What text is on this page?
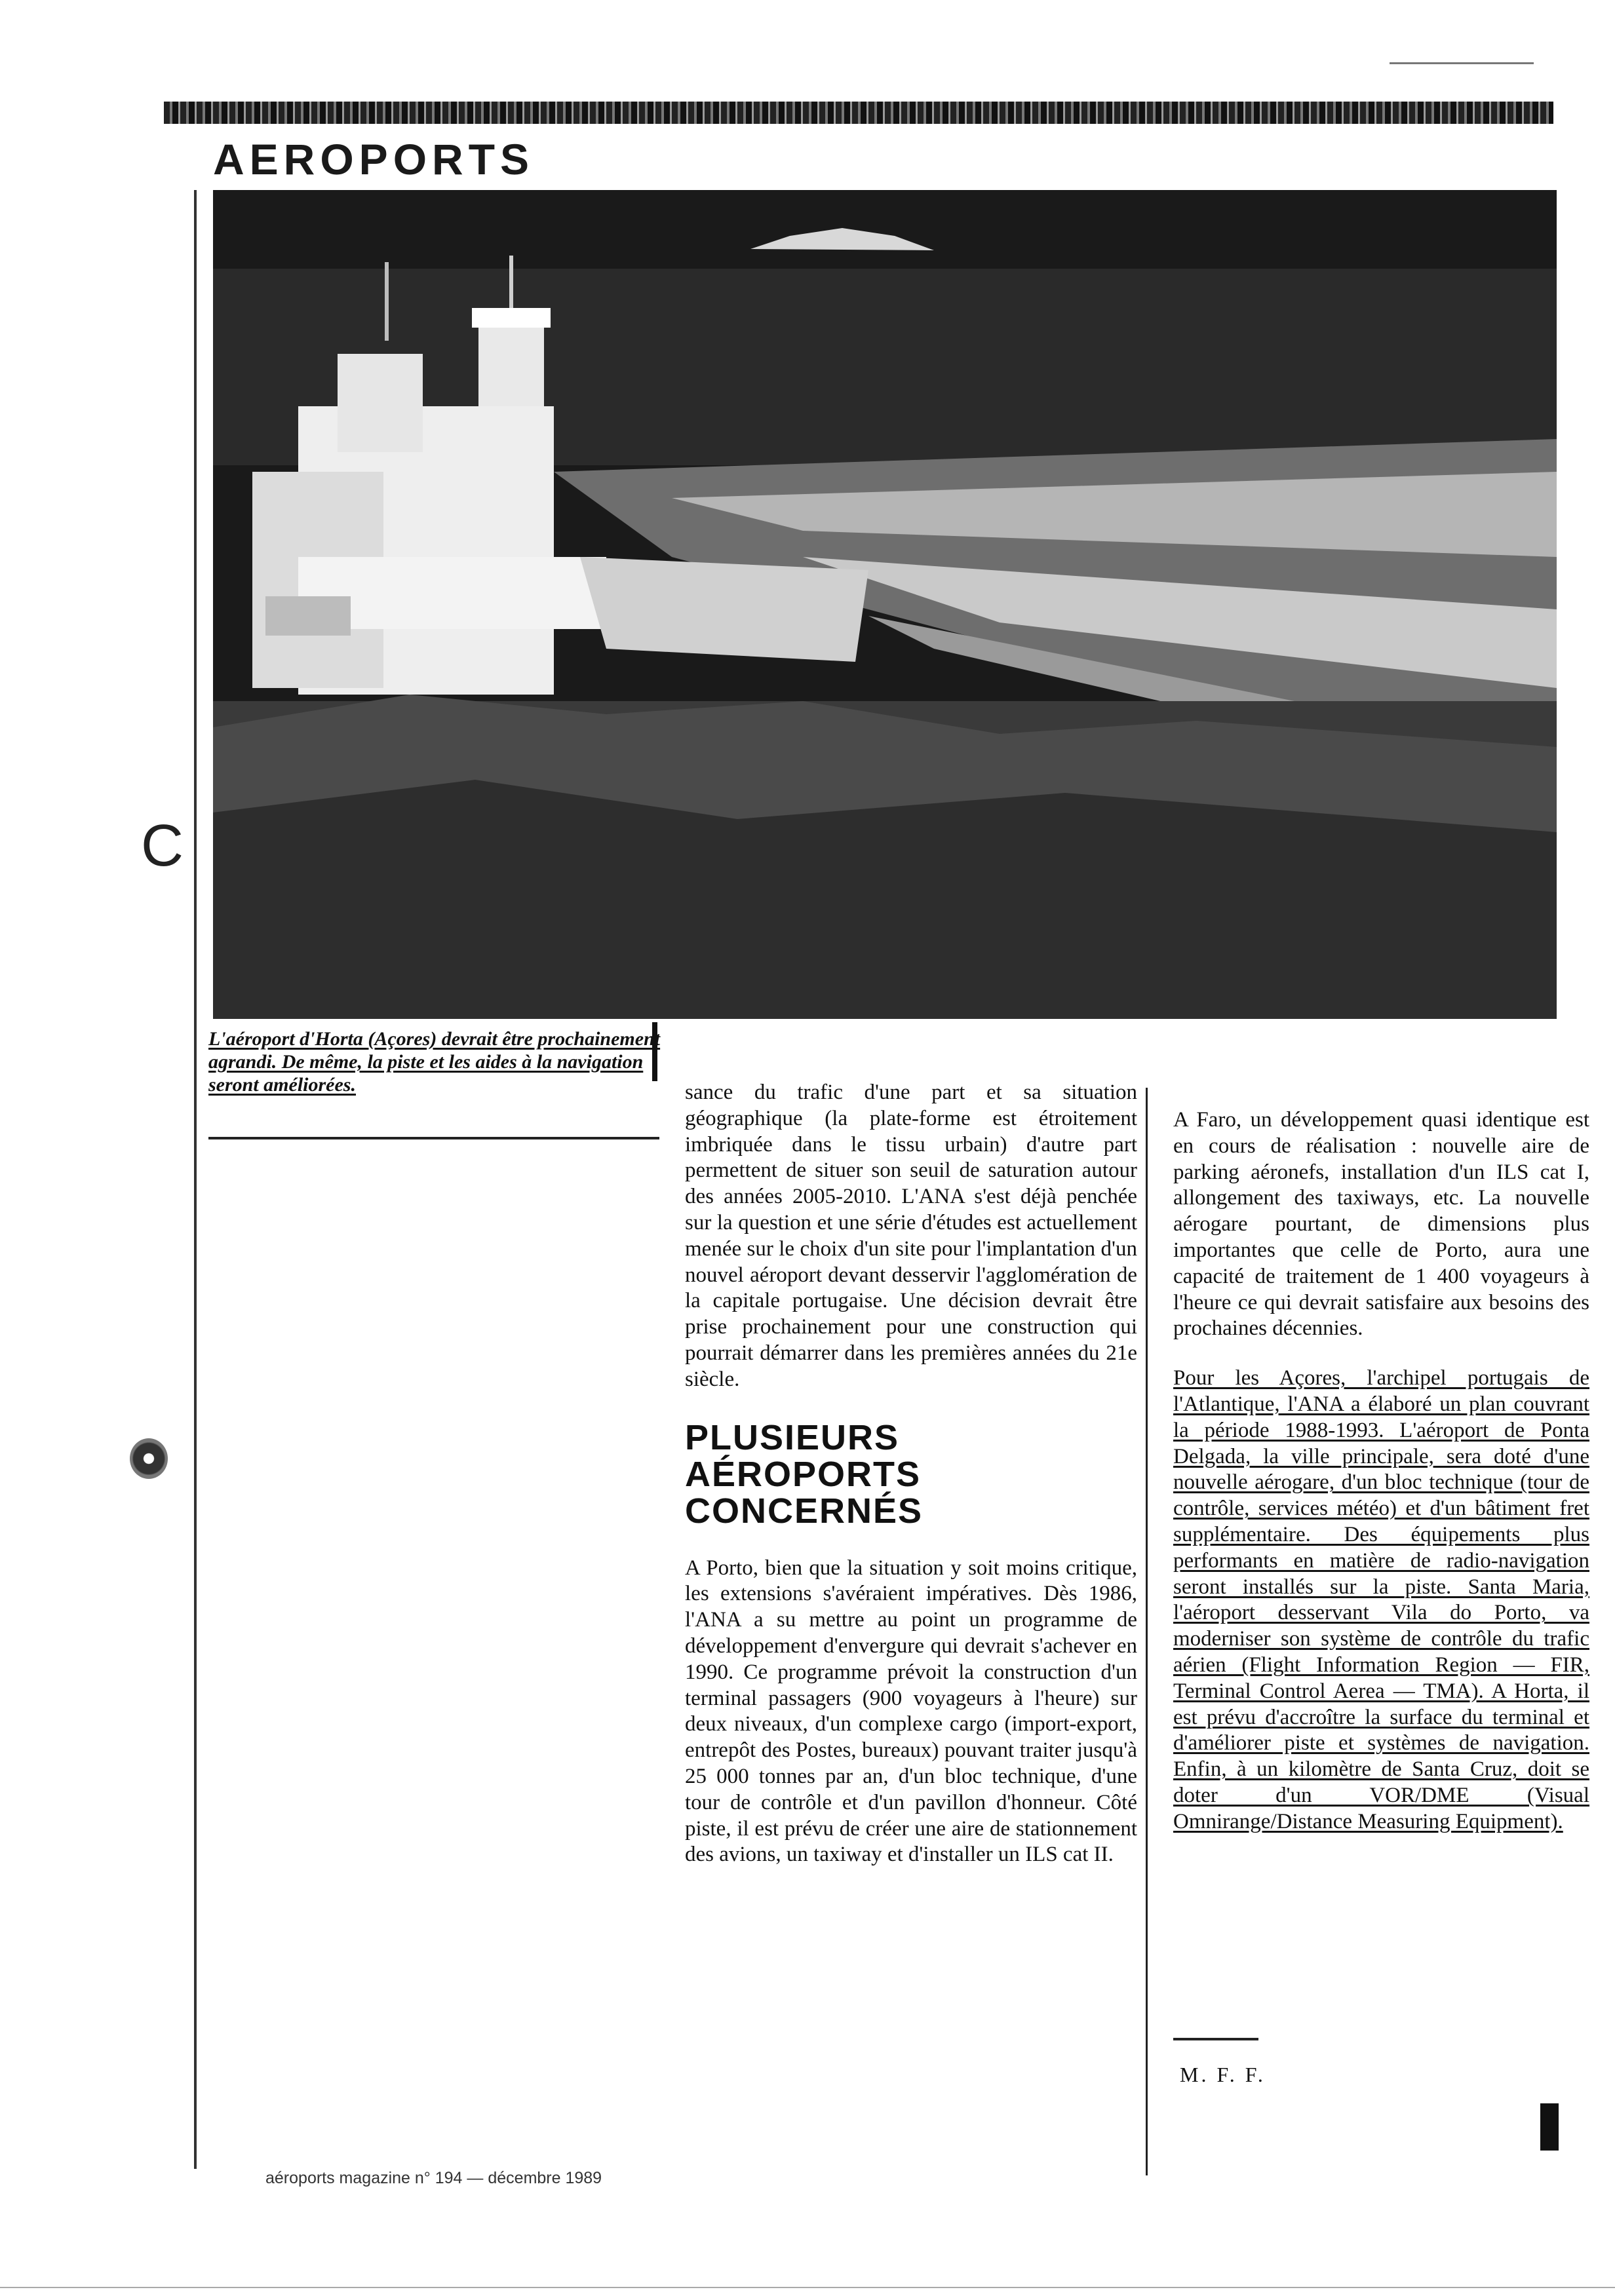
AEROPORTS
L'aéroport d'Horta (Açores) devrait être prochainement agrandi. De même, la piste et les aides à la navigation seront améliorées.	sance du trafic d'une part et sa situation géographique (la plate-forme est étroitement imbriquée dans le tissu urbain) d'autre part permettent de situer son seuil de saturation autour des années 2005-2010. L'ANA s'est déjà penchée sur la question et une série d'études est actuellement menée sur le choix d'un site pour l'implantation d'un nouvel aéroport devant desservir l'agglomération de la capitale portugaise. Une décision devrait être prise prochainement pour une construction qui pourrait démarrer dans les premières années du 21e siècle.

PLUSIEURS AÉROPORTS CONCERNÉS

A Porto, bien que la situation y soit moins critique, les extensions s'avéraient impératives. Dès 1986, l'ANA a su mettre au point un programme de développement d'envergure qui devrait s'achever en 1990. Ce programme prévoit la construction d'un terminal passagers (900 voyageurs à l'heure) sur deux niveaux, d'un complexe cargo (import-export, entrepôt des Postes, bureaux) pouvant traiter jusqu'à 25 000 tonnes par an, d'un bloc technique, d'une tour de contrôle et d'un pavillon d'honneur. Côté piste, il est prévu de créer une aire de stationnement des avions, un taxiway et d'installer un ILS cat II.

A Faro, un développement quasi identique est en cours de réalisation : nouvelle aire de parking aéronefs, installation d'un ILS cat I, allongement des taxiways, etc. La nouvelle aérogare pourtant, de dimensions plus importantes que celle de Porto, aura une capacité de traitement de 1 400 voyageurs à l'heure ce qui devrait satisfaire aux besoins des prochaines décennies.

Pour les Açores, l'archipel portugais de l'Atlantique, l'ANA a élaboré un plan couvrant la période 1988-1993. L'aéroport de Ponta Delgada, la ville principale, sera doté d'une nouvelle aérogare, d'un bloc technique (tour de contrôle, services météo) et d'un bâtiment fret supplémentaire. Des équipements plus performants en matière de radio-navigation seront installés sur la piste. Santa Maria, l'aéroport desservant Vila do Porto, va moderniser son système de contrôle du trafic aérien (Flight Information Region — FIR, Terminal Control Aerea — TMA). A Horta, il est prévu d'accroître la surface du terminal et d'améliorer piste et systèmes de navigation. Enfin, à un kilomètre de Santa Cruz, doit se doter d'un VOR/DME (Visual Omnirange/Distance Measuring Equipment).

M. F. F.
aéroports magazine n° 194 — décembre 1989
C
